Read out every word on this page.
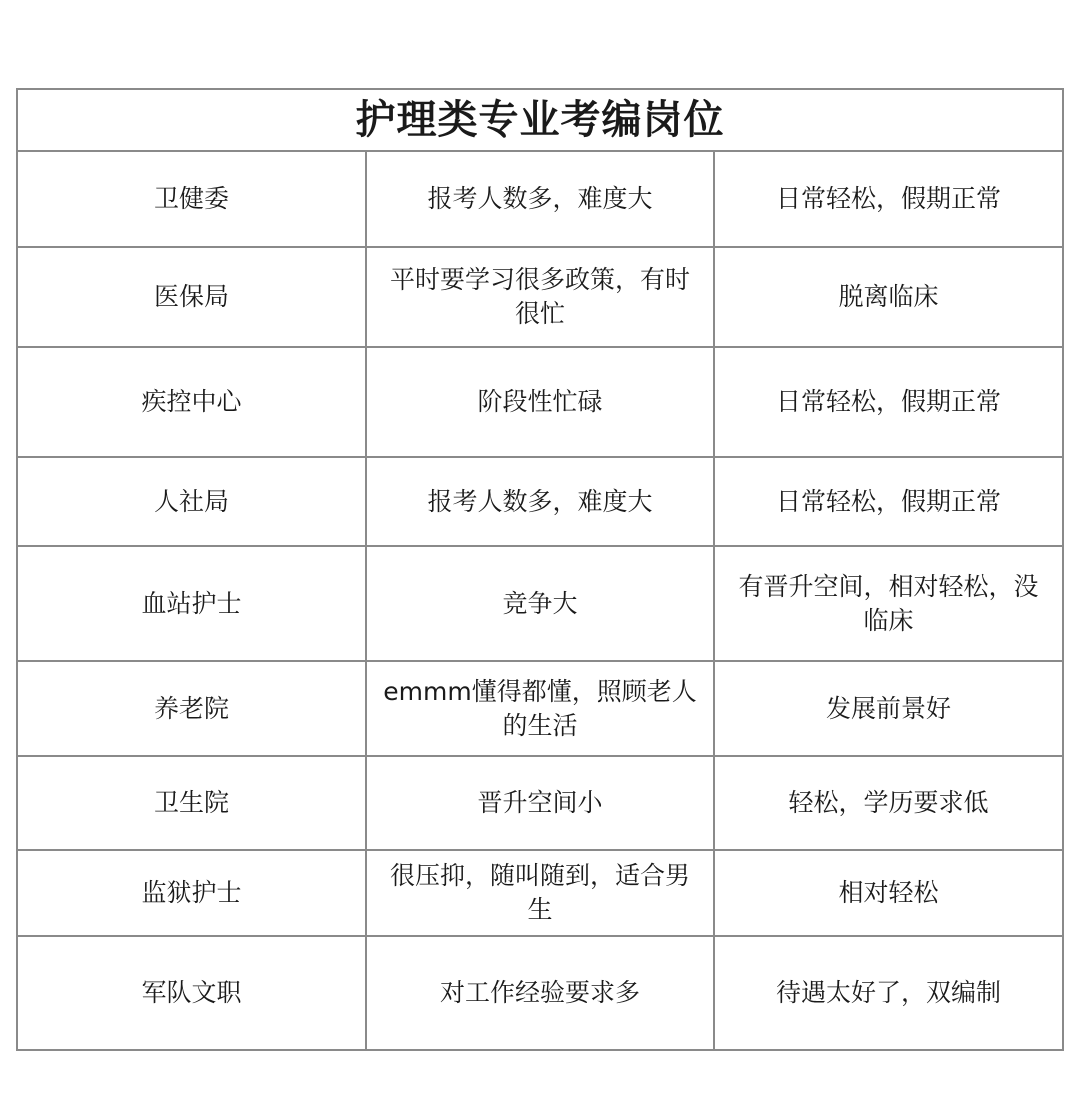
护理类专业考编岗位		
卫健委	报考人数多，难度大	日常轻松，假期正常
医保局	平时要学习很多政策，有时很忙	脱离临床
疾控中心	阶段性忙碌	日常轻松，假期正常
人社局	报考人数多，难度大	日常轻松，假期正常
血站护士	竞争大	有晋升空间，相对轻松，没临床
养老院	emmm懂得都懂，照顾老人的生活	发展前景好
卫生院	晋升空间小	轻松，学历要求低
监狱护士	很压抑，随叫随到，适合男生	相对轻松
军队文职	对工作经验要求多	待遇太好了，双编制
